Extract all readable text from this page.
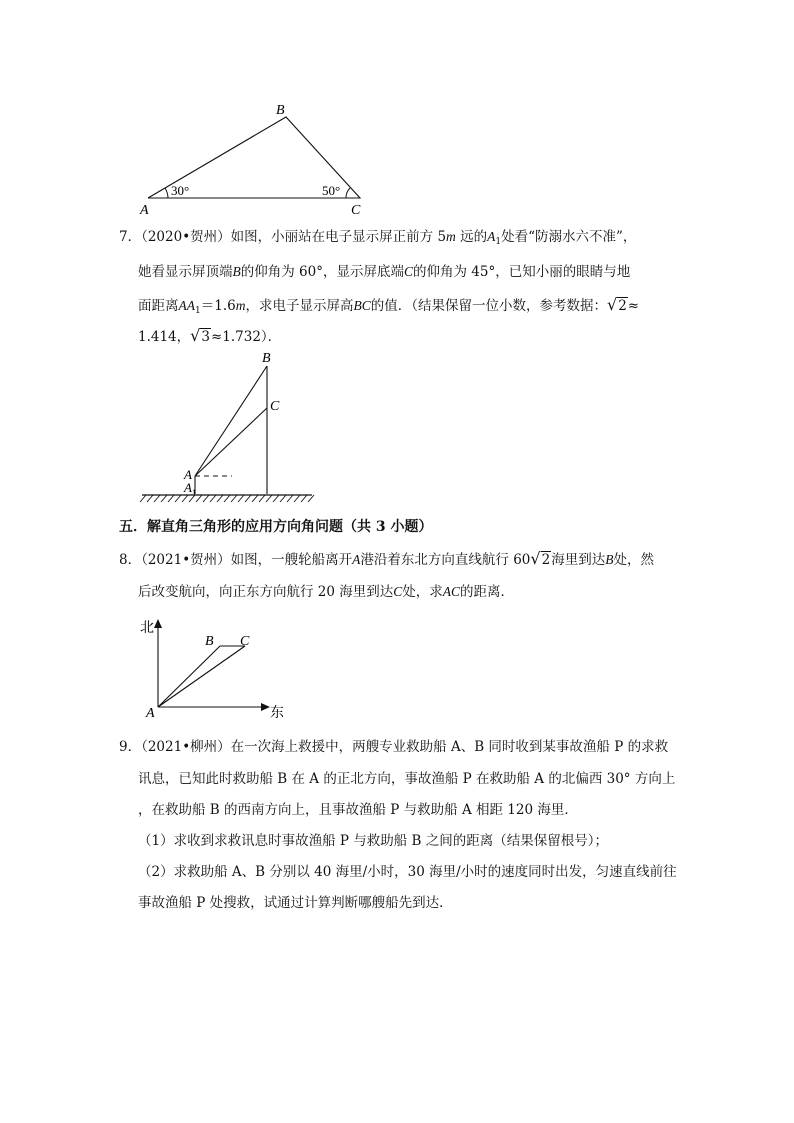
B
A	C
30°	50°
7．（2020•贺州）如图，小丽站在电子显示屏正前方 5m 远的$A_1$处看“防溺水六不准”，
她看显示屏顶端B的仰角为 60°，显示屏底端C的仰角为 45°，已知小丽的眼睛与地
面距离$AA_1=1.6m$，求电子显示屏高BC的值．（结果保留一位小数，参考数据：√2≈
1.414，√3≈1.732）．
B
C
A
$A_1$
五．解直角三角形的应用方向角问题（共 3 小题）
8．（2021•贺州）如图，一艘轮船离开A港沿着东北方向直线航行 60√2海里到达B处，然
后改变航向，向正东方向航行 20 海里到达C处，求AC的距离．
北
东
A
B C
9．（2021•柳州）在一次海上救援中，两艘专业救助船 A、B 同时收到某事故渔船 P 的求救
讯息，已知此时救助船 B 在 A 的正北方向，事故渔船 P 在救助船 A 的北偏西 30° 方向上
，在救助船 B 的西南方向上，且事故渔船 P 与救助船 A 相距 120 海里．
（1）求收到求救讯息时事故渔船 P 与救助船 B 之间的距离（结果保留根号）；
（2）求救助船 A、B 分别以 40 海里/小时，30 海里/小时的速度同时出发，匀速直线前往
事故渔船 P 处搜救，试通过计算判断哪艘船先到达．
